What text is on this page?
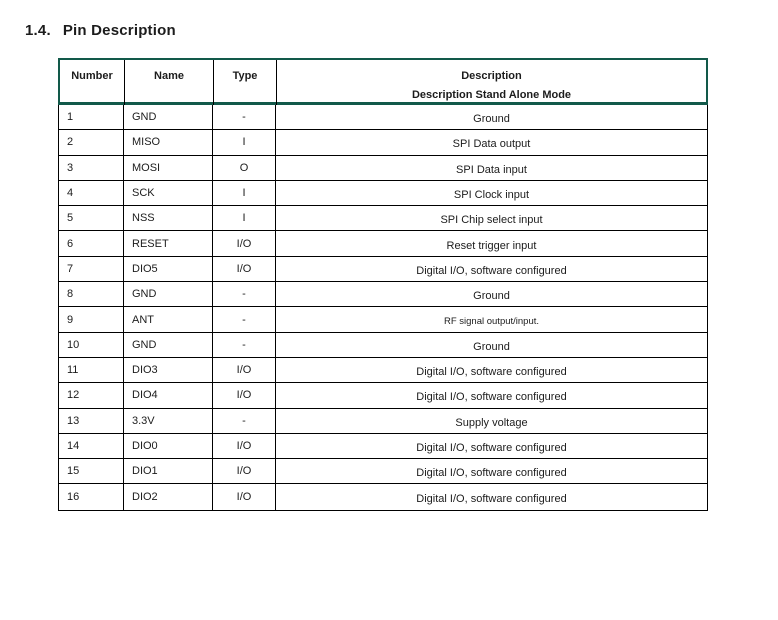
1.4. Pin Description
Number	Name	Type	Description
Description Stand Alone Mode
1	GND	-	Ground
2	MISO	I	SPI Data output
3	MOSI	O	SPI Data input
4	SCK	I	SPI Clock input
5	NSS	I	SPI Chip select input
6	RESET	I/O	Reset trigger input
7	DIO5	I/O	Digital I/O, software configured
8	GND	-	Ground
9	ANT	-	RF signal output/input.
10	GND	-	Ground
11	DIO3	I/O	Digital I/O, software configured
12	DIO4	I/O	Digital I/O, software configured
13	3.3V	-	Supply voltage
14	DIO0	I/O	Digital I/O, software configured
15	DIO1	I/O	Digital I/O, software configured
16	DIO2	I/O	Digital I/O, software configured
